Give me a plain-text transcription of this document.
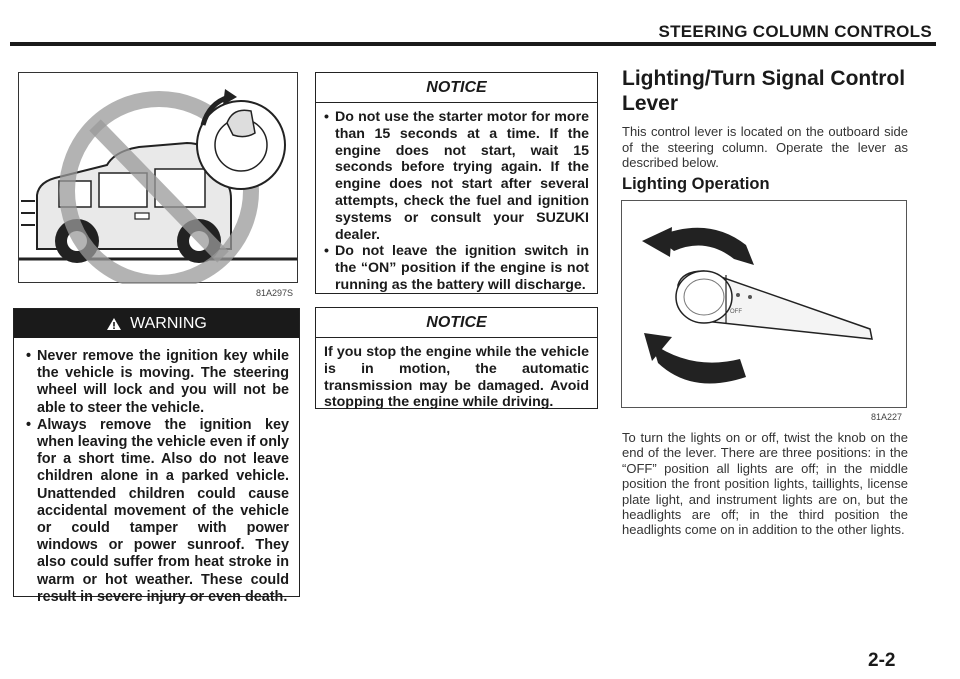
STEERING COLUMN CONTROLS
81A297S
WARNING
• Never remove the ignition key while the vehicle is moving. The steering wheel will lock and you will not be able to steer the vehicle.
• Always remove the ignition key when leaving the vehicle even if only for a short time. Also do not leave children alone in a parked vehicle. Unattended children could cause accidental movement of the vehicle or could tamper with power windows or power sunroof. They also could suffer from heat stroke in warm or hot weather. These could result in severe injury or even death.
NOTICE
• Do not use the starter motor for more than 15 seconds at a time. If the engine does not start, wait 15 seconds before trying again. If the engine does not start after several attempts, check the fuel and ignition systems or consult your SUZUKI dealer.
• Do not leave the ignition switch in the “ON” position if the engine is not running as the battery will discharge.
NOTICE
If you stop the engine while the vehicle is in motion, the automatic transmission may be damaged. Avoid stopping the engine while driving.
Lighting/Turn Signal Control Lever
This control lever is located on the outboard side of the steering column. Operate the lever as described below.
Lighting Operation
OFF
81A227
To turn the lights on or off, twist the knob on the end of the lever. There are three positions: in the “OFF” position all lights are off; in the middle position the front position lights, taillights, license plate light, and instrument lights are on, but the headlights are off; in the third position the headlights come on in addition to the other lights.
2-2
